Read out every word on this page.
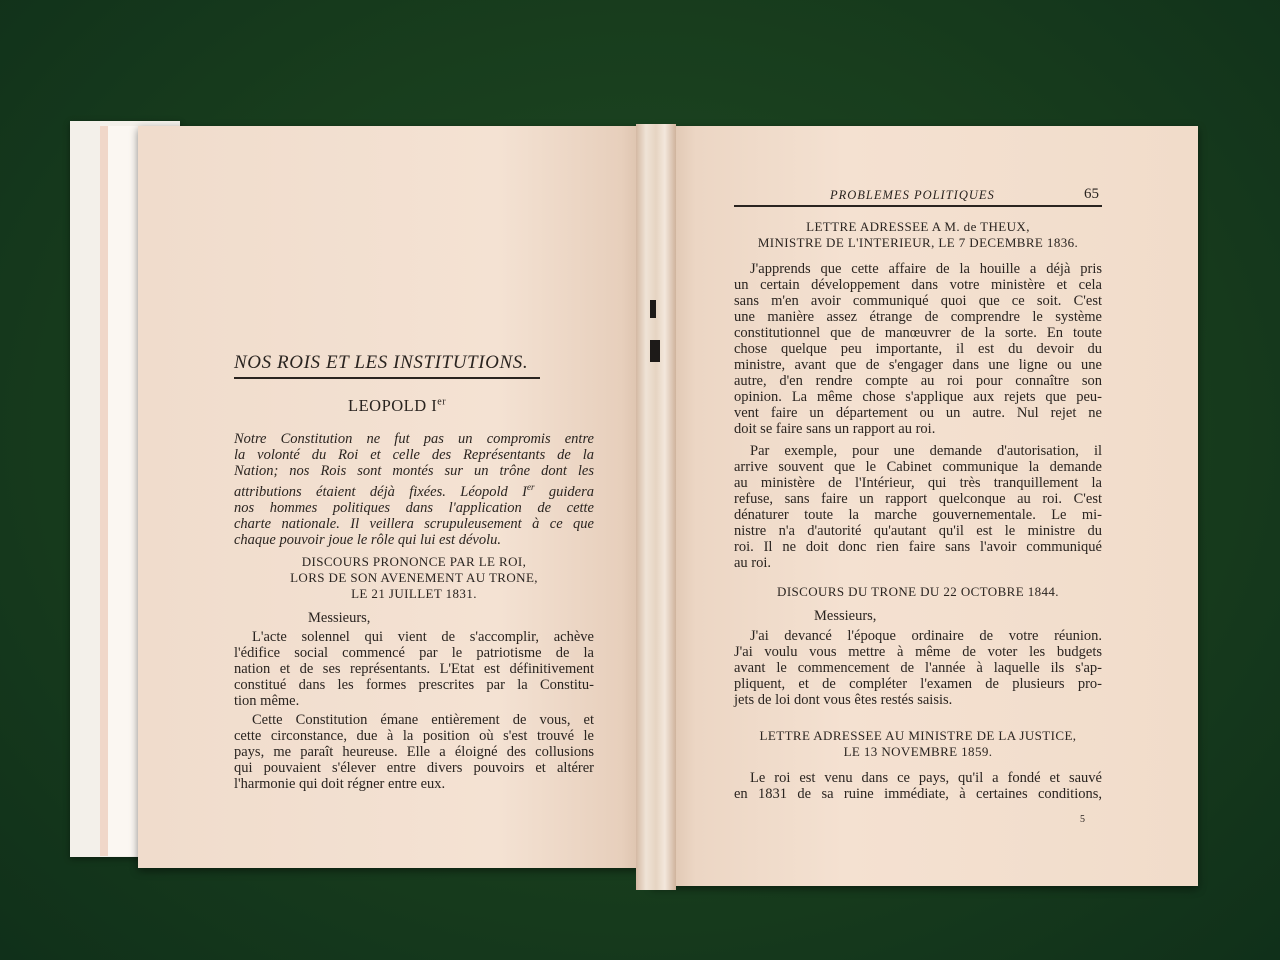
NOS ROIS ET LES INSTITUTIONS.
LEOPOLD Ier

Notre Constitution ne fut pas un compromis entre

la volonté du Roi et celle des Représentants de la

Nation; nos Rois sont montés sur un trône dont les

attributions étaient déjà fixées. Léopold Ier guidera

nos hommes politiques dans l'application de cette

charte nationale. Il veillera scrupuleusement à ce que

chaque pouvoir joue le rôle qui lui est dévolu.

DISCOURS PRONONCE PAR LE ROI,
LORS DE SON AVENEMENT AU TRONE,
LE 21 JUILLET 1831.
Messieurs,

L'acte solennel qui vient de s'accomplir, achève

l'édifice social commencé par le patriotisme de la

nation et de ses représentants. L'Etat est définitivement

constitué dans les formes prescrites par la Constitu-

tion même.

Cette Constitution émane entièrement de vous, et

cette circonstance, due à la position où s'est trouvé le

pays, me paraît heureuse. Elle a éloigné des collusions

qui pouvaient s'élever entre divers pouvoirs et altérer

l'harmonie qui doit régner entre eux.

PROBLEMES POLITIQUES	65
LETTRE ADRESSEE A M. de THEUX,
MINISTRE DE L'INTERIEUR, LE 7 DECEMBRE 1836.

J'apprends que cette affaire de la houille a déjà pris

un certain développement dans votre ministère et cela

sans m'en avoir communiqué quoi que ce soit. C'est

une manière assez étrange de comprendre le système

constitutionnel que de manœuvrer de la sorte. En toute

chose quelque peu importante, il est du devoir du

ministre, avant que de s'engager dans une ligne ou une

autre, d'en rendre compte au roi pour connaître son

opinion. La même chose s'applique aux rejets que peu-

vent faire un département ou un autre. Nul rejet ne

doit se faire sans un rapport au roi.

Par exemple, pour une demande d'autorisation, il

arrive souvent que le Cabinet communique la demande

au ministère de l'Intérieur, qui très tranquillement la

refuse, sans faire un rapport quelconque au roi. C'est

dénaturer toute la marche gouvernementale. Le mi-

nistre n'a d'autorité qu'autant qu'il est le ministre du

roi. Il ne doit donc rien faire sans l'avoir communiqué

au roi.

DISCOURS DU TRONE DU 22 OCTOBRE 1844.
Messieurs,

J'ai devancé l'époque ordinaire de votre réunion.

J'ai voulu vous mettre à même de voter les budgets

avant le commencement de l'année à laquelle ils s'ap-

pliquent, et de compléter l'examen de plusieurs pro-

jets de loi dont vous êtes restés saisis.

LETTRE ADRESSEE AU MINISTRE DE LA JUSTICE,
LE 13 NOVEMBRE 1859.

Le roi est venu dans ce pays, qu'il a fondé et sauvé

en 1831 de sa ruine immédiate, à certaines conditions,

5
